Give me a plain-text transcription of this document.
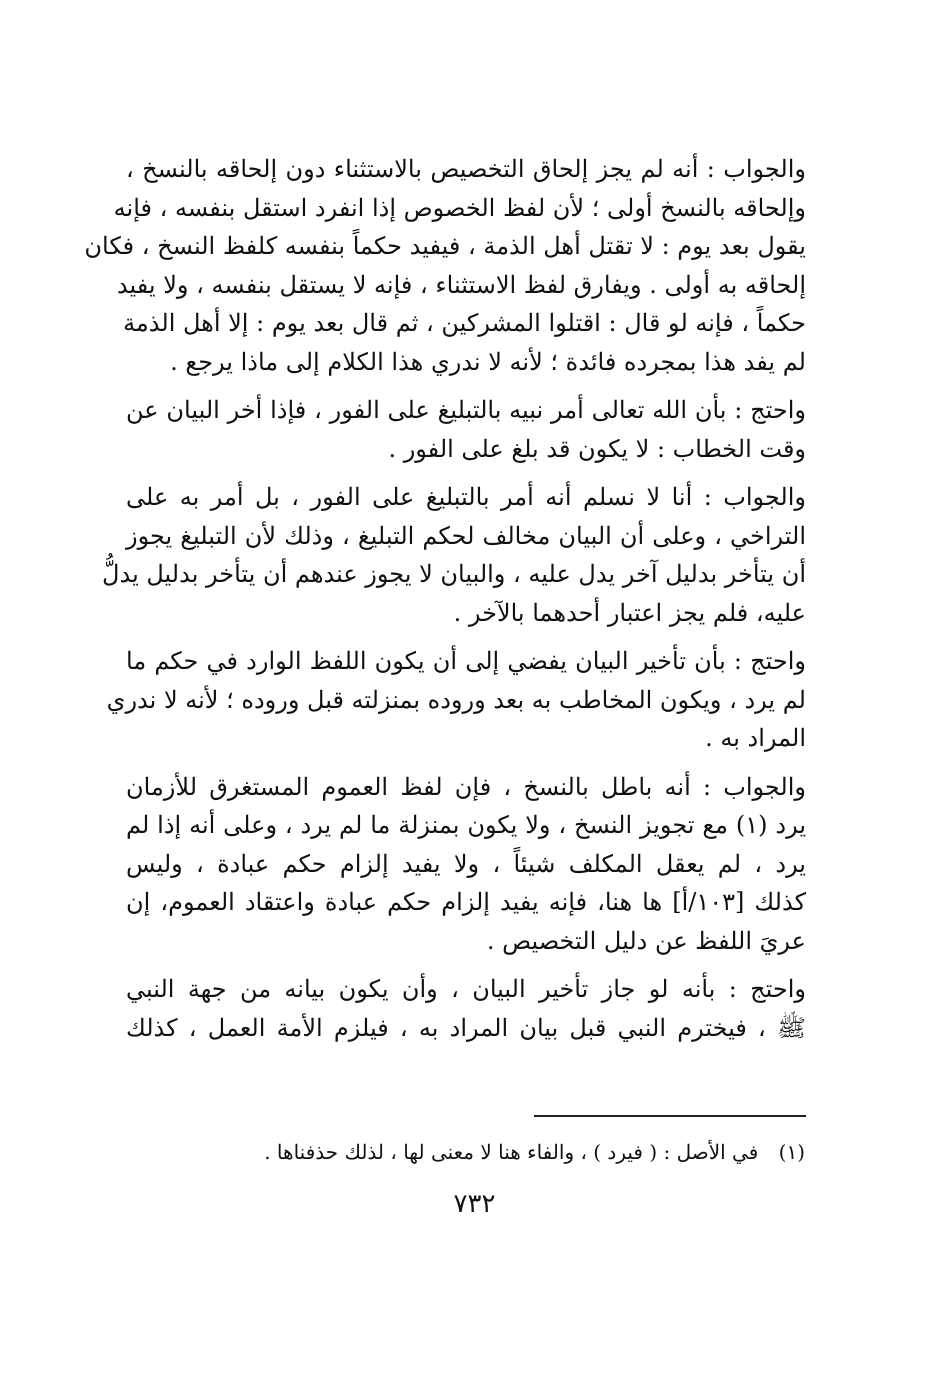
والجواب : أنه لم يجز إلحاق التخصيص بالاستثناء دون إلحاقه بالنسخ ،
وإلحاقه بالنسخ أولى ؛ لأن لفظ الخصوص إذا انفرد استقل بنفسه ، فإنه
يقول بعد يوم : لا تقتل أهل الذمة ، فيفيد حكماً بنفسه كلفظ النسخ ، فكان
إلحاقه به أولى . ويفارق لفظ الاستثناء ، فإنه لا يستقل بنفسه ، ولا يفيد
حكماً ، فإنه لو قال : اقتلوا المشركين ، ثم قال بعد يوم : إلا أهل الذمة
لم يفد هذا بمجرده فائدة ؛ لأنه لا ندري هذا الكلام إلى ماذا يرجع .
واحتج : بأن الله تعالى أمر نبيه بالتبليغ على الفور ، فإذا أخر البيان عن
وقت الخطاب : لا يكون قد بلغ على الفور .
والجواب : أنا لا نسلم أنه أمر بالتبليغ على الفور ، بل أمر به على
التراخي ، وعلى أن البيان مخالف لحكم التبليغ ، وذلك لأن التبليغ يجوز
أن يتأخر بدليل آخر يدل عليه ، والبيان لا يجوز عندهم أن يتأخر بدليل يدلُّ
عليه، فلم يجز اعتبار أحدهما بالآخر .
واحتج : بأن تأخير البيان يفضي إلى أن يكون اللفظ الوارد في حكم ما
لم يرد ، ويكون المخاطب به بعد وروده بمنزلته قبل وروده ؛ لأنه لا ندري
المراد به .
والجواب : أنه باطل بالنسخ ، فإن لفظ العموم المستغرق للأزمان
يرد (١) مع تجويز النسخ ، ولا يكون بمنزلة ما لم يرد ، وعلى أنه إذا لم
يرد ، لم يعقل المكلف شيئاً ، ولا يفيد إلزام حكم عبادة ، وليس
كذلك [١٠٣/أ] ها هنا، فإنه يفيد إلزام حكم عبادة واعتقاد العموم، إن
عريَ اللفظ عن دليل التخصيص .
واحتج : بأنه لو جاز تأخير البيان ، وأن يكون بيانه من جهة النبي
ﷺ ، فيخترم النبي قبل بيان المراد به ، فيلزم الأمة العمل ، كذلك
(١) في الأصل : ( فيرد ) ، والفاء هنا لا معنى لها ، لذلك حذفناها .
٧٣٢
